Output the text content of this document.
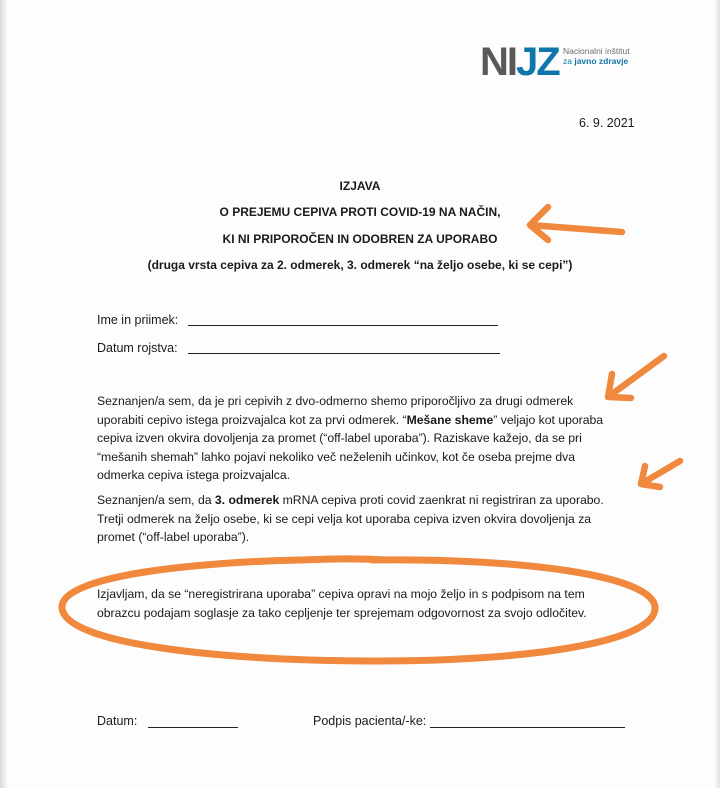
NIJZ Nacionalni inštitut
za javno zdravje
6. 9. 2021
IZJAVA
O PREJEMU CEPIVA PROTI COVID-19 NA NAČIN,
KI NI PRIPOROČEN IN ODOBREN ZA UPORABO
(druga vrsta cepiva za 2. odmerek, 3. odmerek “na željo osebe, ki se cepi”)
Ime in priimek:
Datum rojstva:
Seznanjen/a sem, da je pri cepivih z dvo-odmerno shemo priporočljivo za drugi odmerek
uporabiti cepivo istega proizvajalca kot za prvi odmerek. “Mešane sheme” veljajo kot uporaba
cepiva izven okvira dovoljenja za promet (“off-label uporaba”). Raziskave kažejo, da se pri
“mešanih shemah” lahko pojavi nekoliko več neželenih učinkov, kot če oseba prejme dva
odmerka cepiva istega proizvajalca.
Seznanjen/a sem, da 3. odmerek mRNA cepiva proti covid zaenkrat ni registriran za uporabo.
Tretji odmerek na željo osebe, ki se cepi velja kot uporaba cepiva izven okvira dovoljenja za
promet (“off-label uporaba”).
Izjavljam, da se “neregistrirana uporaba” cepiva opravi na mojo željo in s podpisom na tem
obrazcu podajam soglasje za tako cepljenje ter sprejemam odgovornost za svojo odločitev.
Datum:	Podpis pacienta/-ke:
